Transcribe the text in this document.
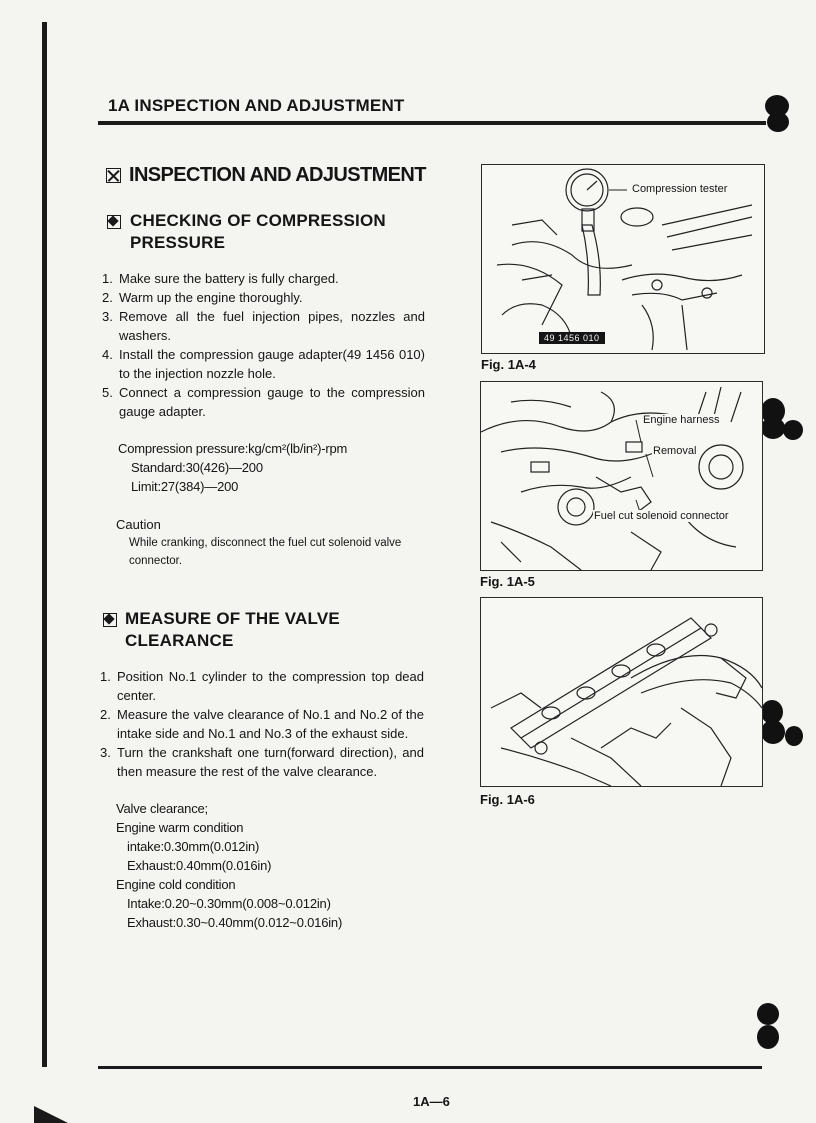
1A INSPECTION AND ADJUSTMENT
INSPECTION AND ADJUSTMENT
CHECKING OF COMPRESSION
PRESSURE
1. Make sure the battery is fully charged.
2. Warm up the engine thoroughly.
3. Remove all the fuel injection pipes, nozzles and washers.
4. Install the compression gauge adapter(49 1456 010) to the injection nozzle hole.
5. Connect a compression gauge to the compression gauge adapter.
Compression pressure:kg/cm²(lb/in²)-rpm
Standard:30(426)—200
Limit:27(384)—200
Caution
While cranking, disconnect the fuel cut solenoid valve
connector.
MEASURE OF THE VALVE
CLEARANCE
1. Position No.1 cylinder to the compression top dead center.
2. Measure the valve clearance of No.1 and No.2 of the intake side and No.1 and No.3 of the exhaust side.
3. Turn the crankshaft one turn(forward direction), and then measure the rest of the valve clearance.
Valve clearance;
Engine warm condition
intake:0.30mm(0.012in)
Exhaust:0.40mm(0.016in)
Engine cold condition
Intake:0.20~0.30mm(0.008~0.012in)
Exhaust:0.30~0.40mm(0.012~0.016in)
Compression tester
49 1456 010
Fig. 1A-4
Engine harness
Removal
Fuel cut solenoid connector
Fig. 1A-5
Fig. 1A-6
1A—6
